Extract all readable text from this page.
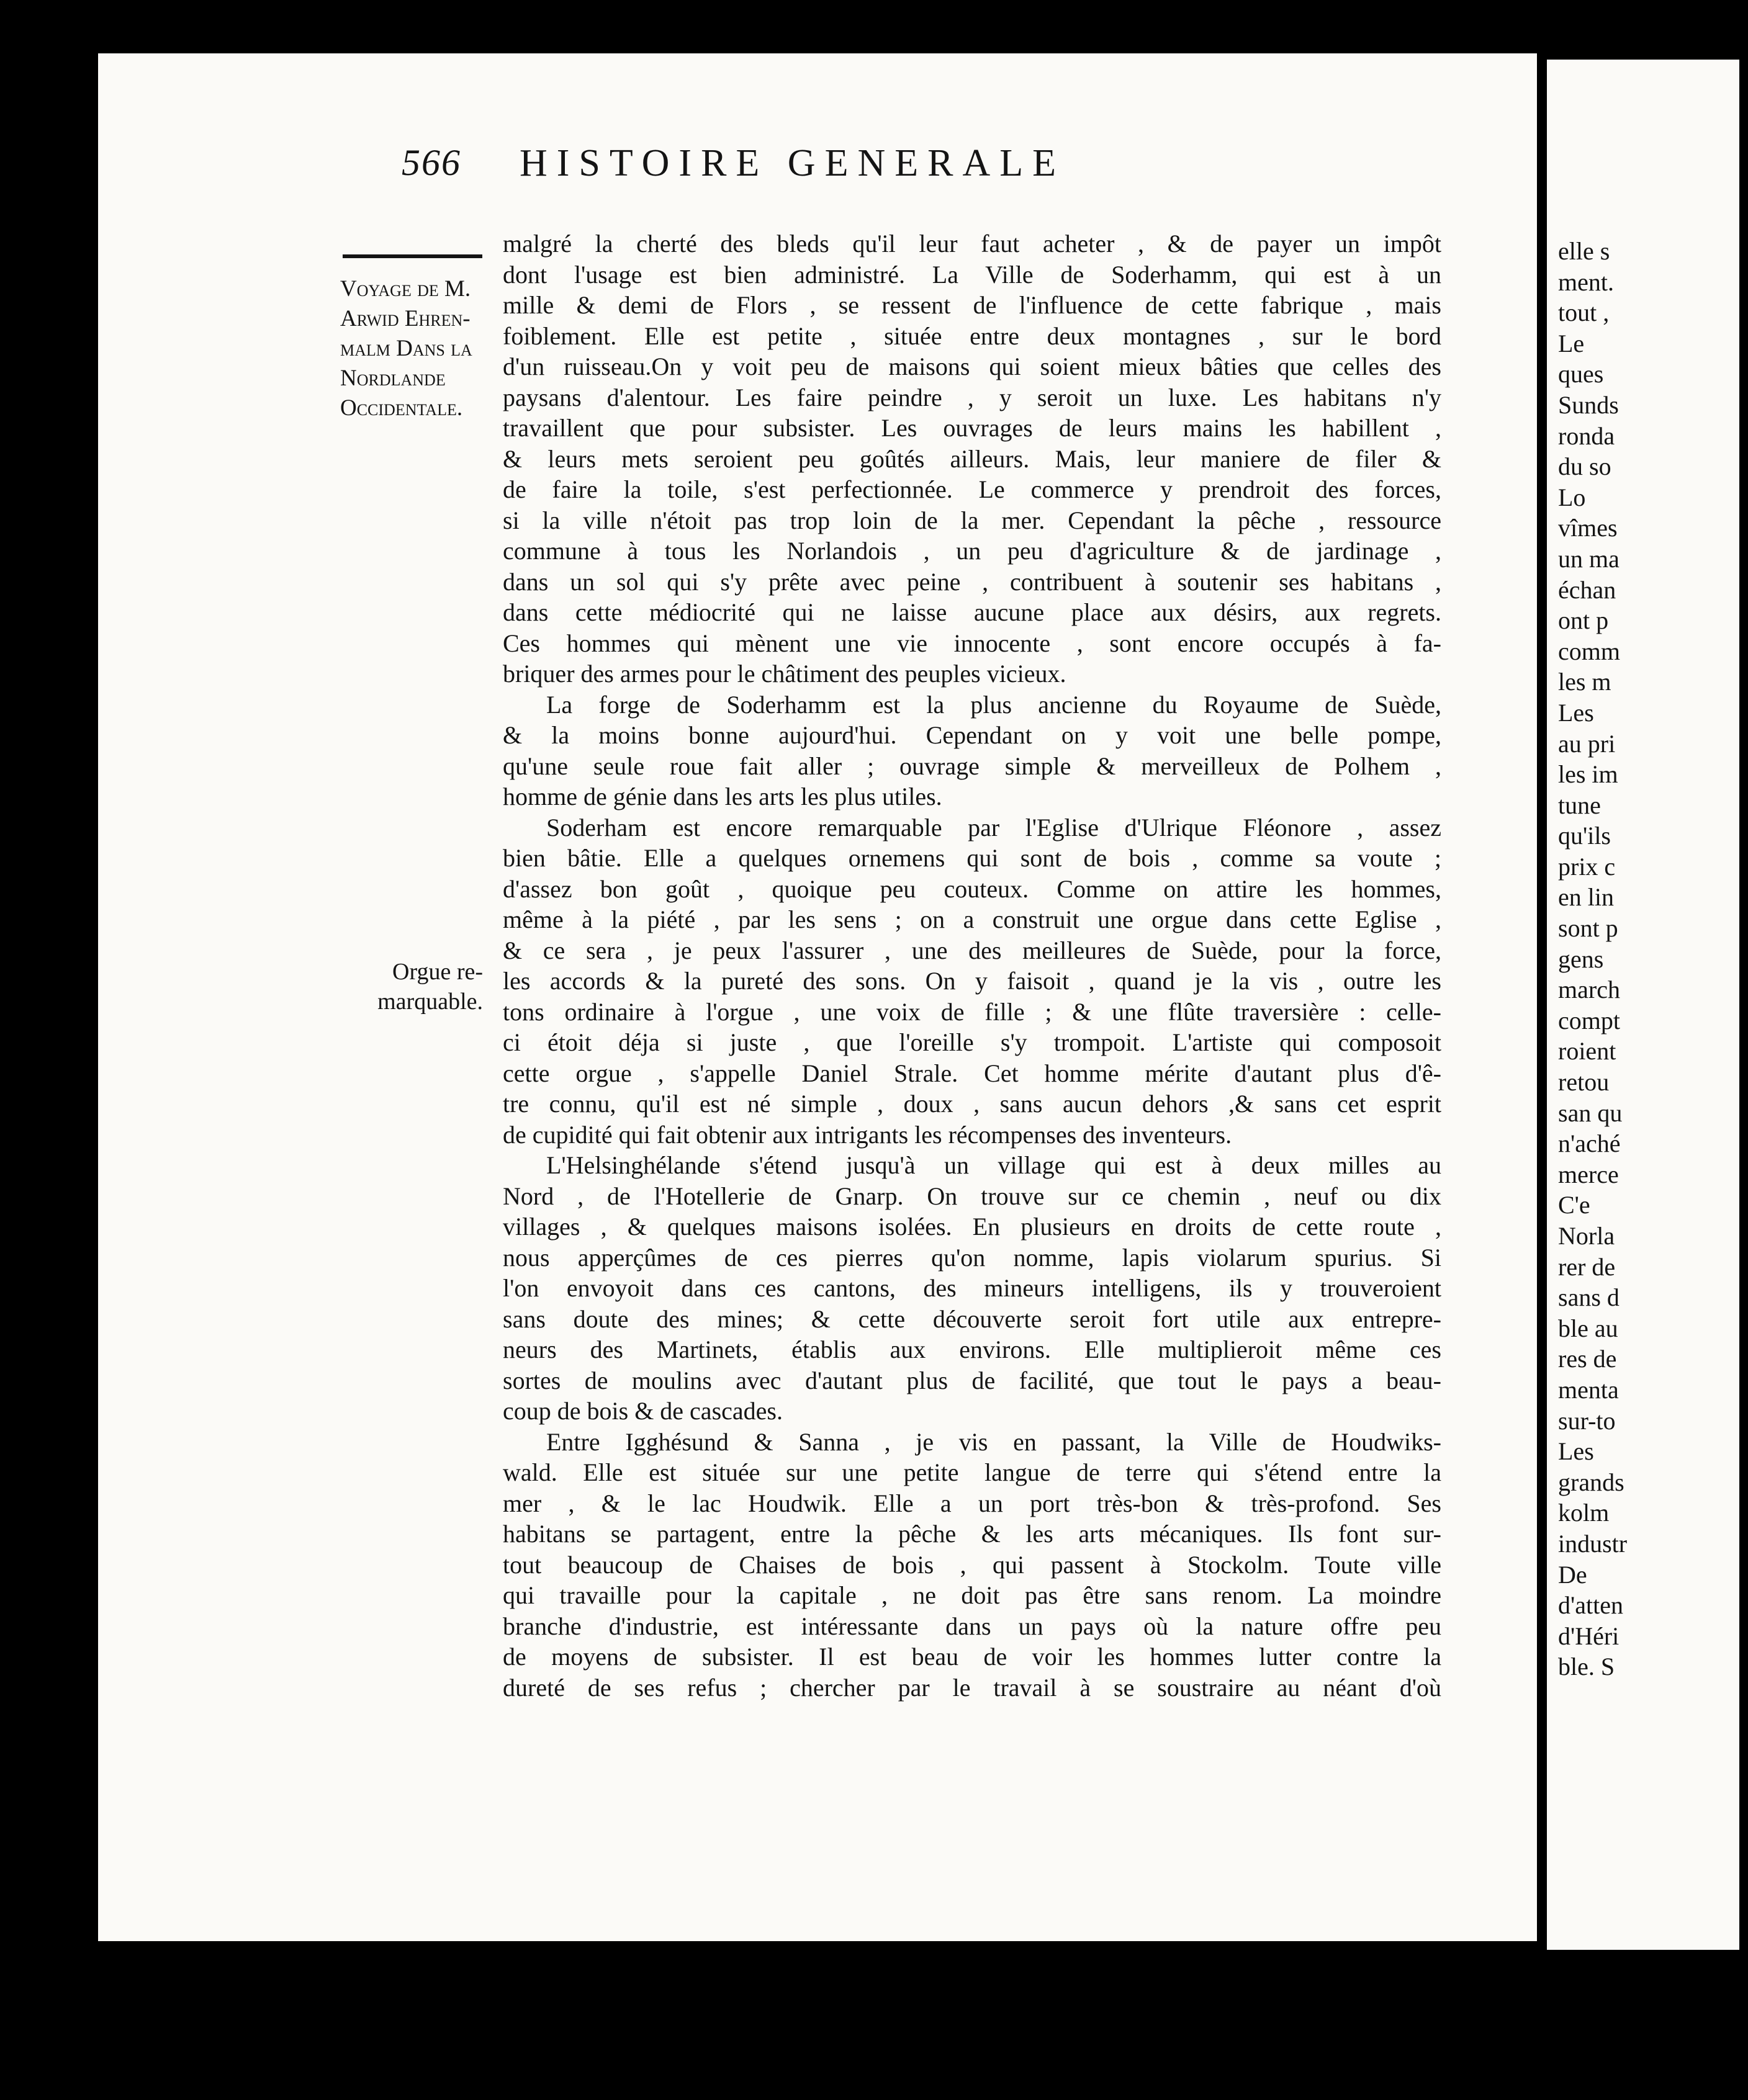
566 HISTOIRE GENERALE
Voyage de M.
Arwid Ehren-
malm Dans la
Nordlande
Occidentale.
Orgue re-
marquable.
malgré la cherté des bleds qu'il leur faut acheter , & de payer un impôt
dont l'usage est bien administré. La Ville de Soderhamm, qui est à un
mille & demi de Flors , se ressent de l'influence de cette fabrique , mais
foiblement. Elle est petite , située entre deux montagnes , sur le bord
d'un ruisseau.On y voit peu de maisons qui soient mieux bâties que celles des
paysans d'alentour. Les faire peindre , y seroit un luxe. Les habitans n'y
travaillent que pour subsister. Les ouvrages de leurs mains les habillent ,
& leurs mets seroient peu goûtés ailleurs. Mais, leur maniere de filer &
de faire la toile, s'est perfectionnée. Le commerce y prendroit des forces,
si la ville n'étoit pas trop loin de la mer. Cependant la pêche , ressource
commune à tous les Norlandois , un peu d'agriculture & de jardinage ,
dans un sol qui s'y prête avec peine , contribuent à soutenir ses habitans ,
dans cette médiocrité qui ne laisse aucune place aux désirs, aux regrets.
Ces hommes qui mènent une vie innocente , sont encore occupés à fa-
briquer des armes pour le châtiment des peuples vicieux.
La forge de Soderhamm est la plus ancienne du Royaume de Suède,
& la moins bonne aujourd'hui. Cependant on y voit une belle pompe,
qu'une seule roue fait aller ; ouvrage simple & merveilleux de Polhem ,
homme de génie dans les arts les plus utiles.
Soderham est encore remarquable par l'Eglise d'Ulrique Fléonore , assez
bien bâtie. Elle a quelques ornemens qui sont de bois , comme sa voute ;
d'assez bon goût , quoique peu couteux. Comme on attire les hommes,
même à la piété , par les sens ; on a construit une orgue dans cette Eglise ,
& ce sera , je peux l'assurer , une des meilleures de Suède, pour la force,
les accords & la pureté des sons. On y faisoit , quand je la vis , outre les
tons ordinaire à l'orgue , une voix de fille ; & une flûte traversière : celle-
ci étoit déja si juste , que l'oreille s'y trompoit. L'artiste qui composoit
cette orgue , s'appelle Daniel Strale. Cet homme mérite d'autant plus d'ê-
tre connu, qu'il est né simple , doux , sans aucun dehors ,& sans cet esprit
de cupidité qui fait obtenir aux intrigants les récompenses des inventeurs.
L'Helsinghélande s'étend jusqu'à un village qui est à deux milles au
Nord , de l'Hotellerie de Gnarp. On trouve sur ce chemin , neuf ou dix
villages , & quelques maisons isolées. En plusieurs en droits de cette route ,
nous apperçûmes de ces pierres qu'on nomme, lapis violarum spurius. Si
l'on envoyoit dans ces cantons, des mineurs intelligens, ils y trouveroient
sans doute des mines; & cette découverte seroit fort utile aux entrepre-
neurs des Martinets, établis aux environs. Elle multiplieroit même ces
sortes de moulins avec d'autant plus de facilité, que tout le pays a beau-
coup de bois & de cascades.
Entre Igghésund & Sanna , je vis en passant, la Ville de Houdwiks-
wald. Elle est située sur une petite langue de terre qui s'étend entre la
mer , & le lac Houdwik. Elle a un port très-bon & très-profond. Ses
habitans se partagent, entre la pêche & les arts mécaniques. Ils font sur-
tout beaucoup de Chaises de bois , qui passent à Stockolm. Toute ville
qui travaille pour la capitale , ne doit pas être sans renom. La moindre
branche d'industrie, est intéressante dans un pays où la nature offre peu
de moyens de subsister. Il est beau de voir les hommes lutter contre la
dureté de ses refus ; chercher par le travail à se soustraire au néant d'où
elle s
ment.
tout ,
Le
ques
Sunds
ronda
du so
Lo
vîmes
un ma
échan
ont p
comm
les m
Les
au pri
les im
tune
qu'ils
prix c
en lin
sont p
gens
march
compt
roient
retou
san qu
n'aché
merce
C'e
Norla
rer de
sans d
ble au
res de
menta
sur-to
Les
grands
kolm
industr
De
d'atten
d'Héri
ble. S
